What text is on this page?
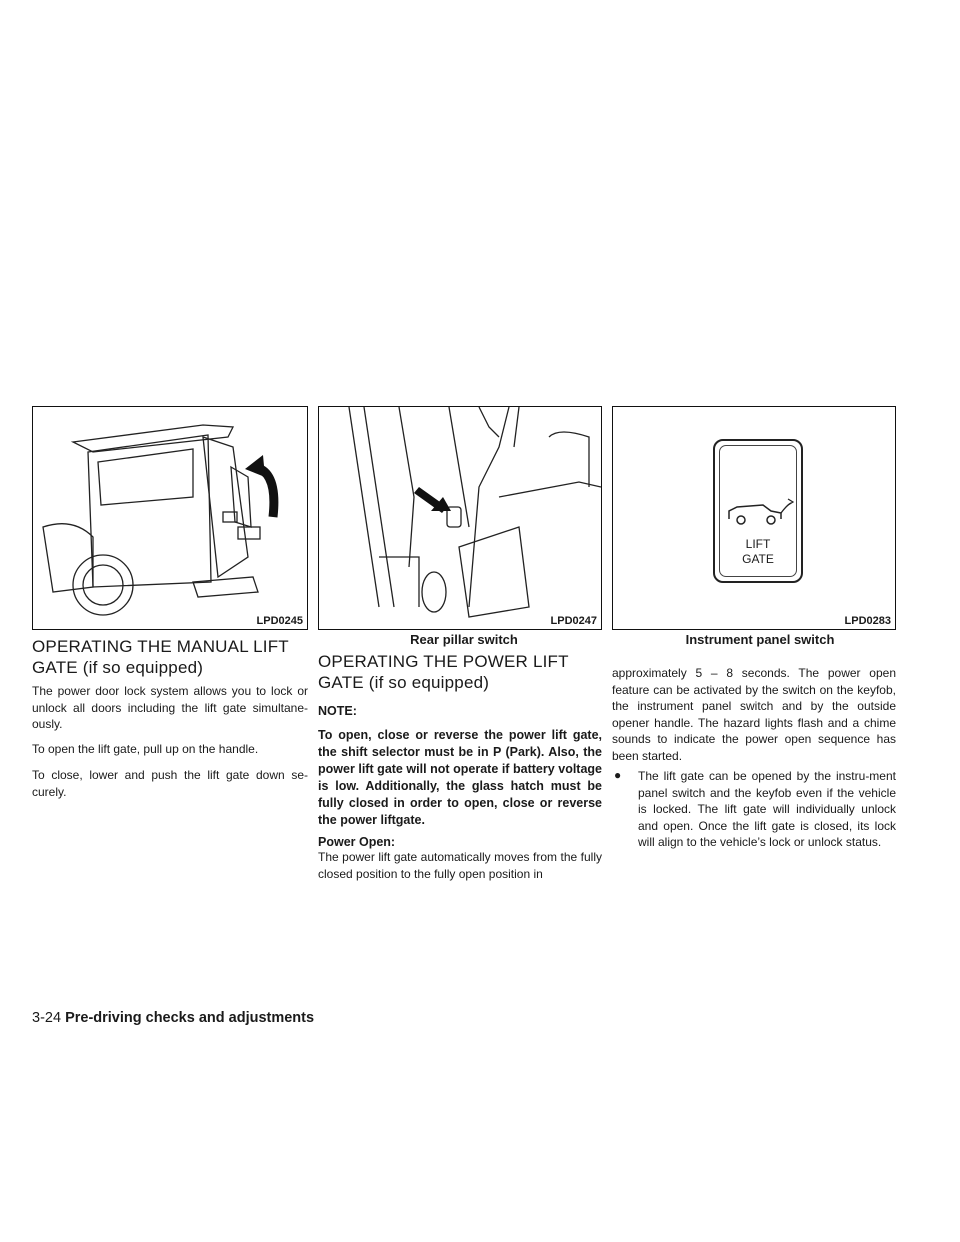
LPD0245	LPD0247
LIFT
GATE
LPD0283
Rear pillar switch	Instrument panel switch
OPERATING THE MANUAL LIFT
GATE (if so equipped)

The power door lock system allows you to lock or unlock all doors including the lift gate simultane-ously.

To open the lift gate, pull up on the handle.

To close, lower and push the lift gate down se-curely.

OPERATING THE POWER LIFT
GATE (if so equipped)

NOTE:

To open, close or reverse the power lift gate, the shift selector must be in P (Park). Also, the power lift gate will not operate if battery voltage is low. Additionally, the glass hatch must be fully closed in order to open, close or reverse the power liftgate.

Power Open:

The power lift gate automatically moves from the fully closed position to the fully open position in

approximately 5 – 8 seconds. The power open feature can be activated by the switch on the keyfob, the instrument panel switch and by the outside opener handle. The hazard lights flash and a chime sounds to indicate the power open sequence has been started.

● The lift gate can be opened by the instru-ment panel switch and the keyfob even if the vehicle is locked. The lift gate will individually unlock and open. Once the lift gate is closed, its lock will align to the vehicle’s lock or unlock status.

3-24 Pre-driving checks and adjustments
